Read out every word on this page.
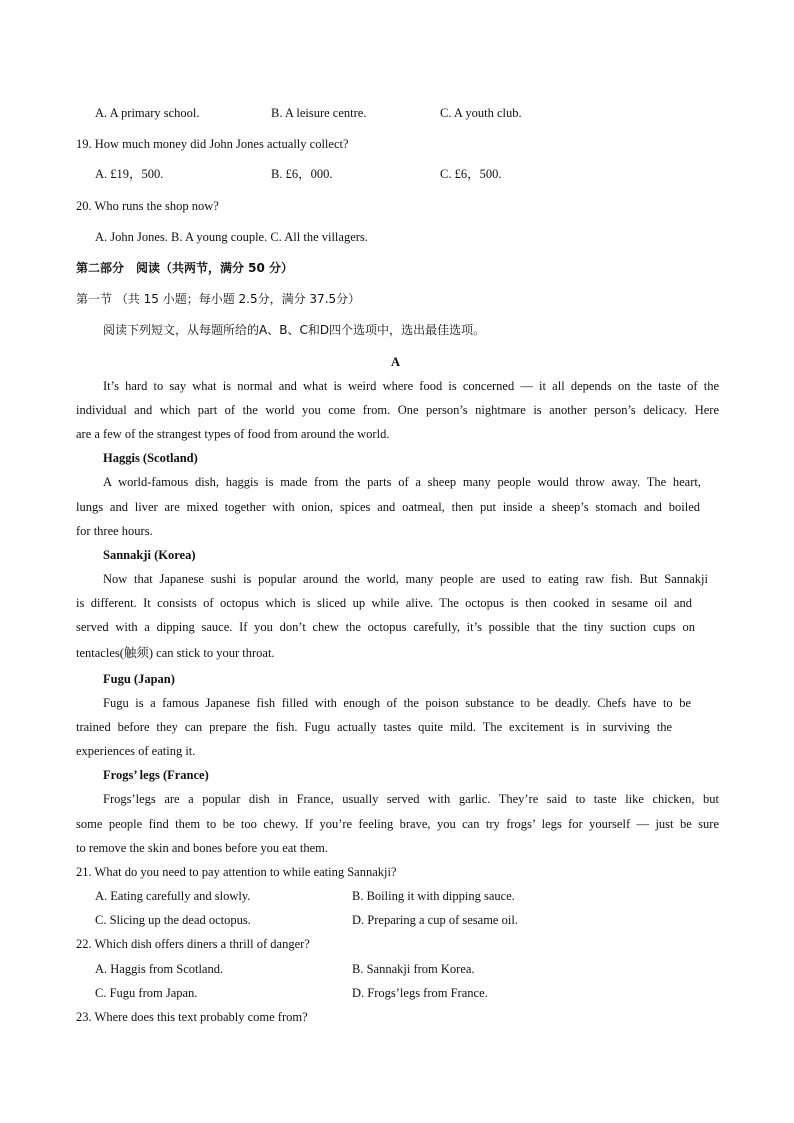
A. A primary school.	B. A leisure centre.	C. A youth club.
19. How much money did John Jones actually collect?
A. £19，500.	B. £6，000.	C. £6，500.
20. Who runs the shop now?
A. John Jones. B. A young couple. C. All the villagers.
第二部分　阅读（共两节，满分 50 分）
第一节 （共 15 小题；每小题 2.5分，满分 37.5分）
阅读下列短文，从每题所给的A、B、C和D四个选项中，选出最佳选项。
A
It’s hard to say what is normal and what is weird where food is concerned — it all depends on the taste of the
individual and which part of the world you come from. One person’s nightmare is another person’s delicacy. Here
are a few of the strangest types of food from around the world.
Haggis (Scotland)
A world-famous dish, haggis is made from the parts of a sheep many people would throw away. The heart,
lungs and liver are mixed together with onion, spices and oatmeal, then put inside a sheep’s stomach and boiled
for three hours.
Sannakji (Korea)
Now that Japanese sushi is popular around the world, many people are used to eating raw fish. But Sannakji
is different. It consists of octopus which is sliced up while alive. The octopus is then cooked in sesame oil and
served with a dipping sauce. If you don’t chew the octopus carefully, it’s possible that the tiny suction cups on
tentacles(触须) can stick to your throat.
Fugu (Japan)
Fugu is a famous Japanese fish filled with enough of the poison substance to be deadly. Chefs have to be
trained before they can prepare the fish. Fugu actually tastes quite mild. The excitement is in surviving the
experiences of eating it.
Frogs’ legs (France)
Frogs’legs are a popular dish in France, usually served with garlic. They’re said to taste like chicken, but
some people find them to be too chewy. If you’re feeling brave, you can try frogs’ legs for yourself — just be sure
to remove the skin and bones before you eat them.
21. What do you need to pay attention to while eating Sannakji?
A. Eating carefully and slowly.	B. Boiling it with dipping sauce.
C. Slicing up the dead octopus.	D. Preparing a cup of sesame oil.
22. Which dish offers diners a thrill of danger?
A. Haggis from Scotland.	B. Sannakji from Korea.
C. Fugu from Japan.	D. Frogs’legs from France.
23. Where does this text probably come from?
